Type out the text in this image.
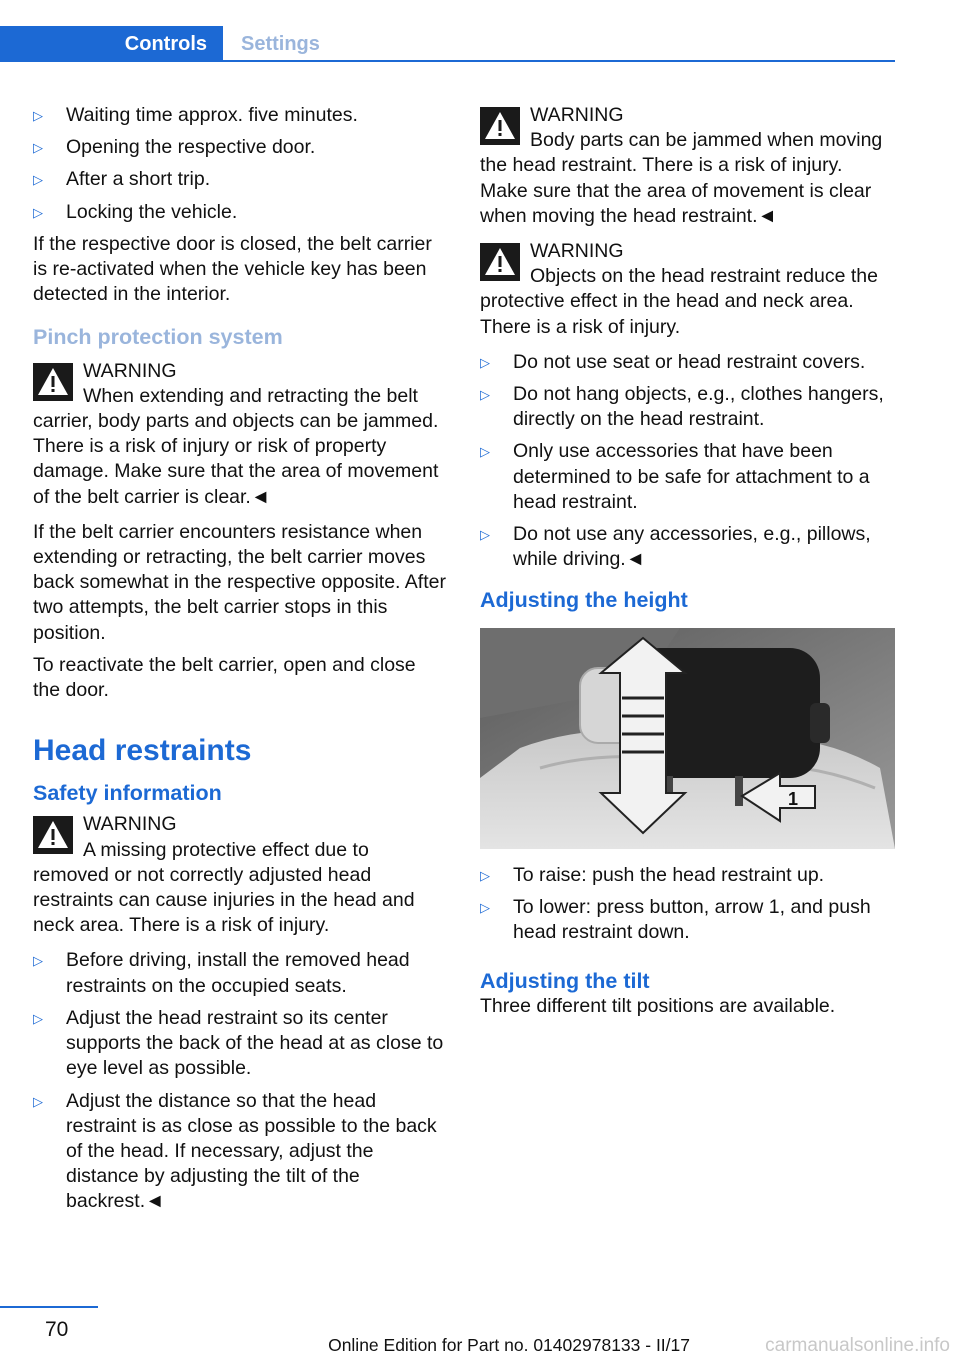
Controls	Settings
▷	Waiting time approx. five minutes.
▷	Opening the respective door.
▷	After a short trip.
▷	Locking the vehicle.

If the respective door is closed, the belt carrier is re-activated when the vehicle key has been detected in the interior.

Pinch protection system
WARNING
When extending and retracting the belt carrier, body parts and objects can be jammed. There is a risk of injury or risk of property damage. Make sure that the area of movement of the belt carrier is clear.◄

If the belt carrier encounters resistance when extending or retracting, the belt carrier moves back somewhat in the respective opposite. After two attempts, the belt carrier stops in this position.

To reactivate the belt carrier, open and close the door.

Head restraints
Safety information
WARNING
A missing protective effect due to removed or not correctly adjusted head restraints can cause injuries in the head and neck area. There is a risk of injury.
▷	Before driving, install the removed head restraints on the occupied seats.
▷	Adjust the head restraint so its center supports the back of the head at as close to eye level as possible.
▷	Adjust the distance so that the head restraint is as close as possible to the back of the head. If necessary, adjust the distance by adjusting the tilt of the backrest.◄
WARNING
Body parts can be jammed when moving the head restraint. There is a risk of injury. Make sure that the area of movement is clear when moving the head restraint.◄
WARNING
Objects on the head restraint reduce the protective effect in the head and neck area. There is a risk of injury.
▷	Do not use seat or head restraint covers.
▷	Do not hang objects, e.g., clothes hangers, directly on the head restraint.
▷	Only use accessories that have been determined to be safe for attachment to a head restraint.
▷	Do not use any accessories, e.g., pillows, while driving.◄
Adjusting the height
1
▷	To raise: push the head restraint up.
▷	To lower: press button, arrow 1, and push head restraint down.
Adjusting the tilt

Three different tilt positions are available.

70
Online Edition for Part no. 01402978133 - II/17	carmanualsonline.info
